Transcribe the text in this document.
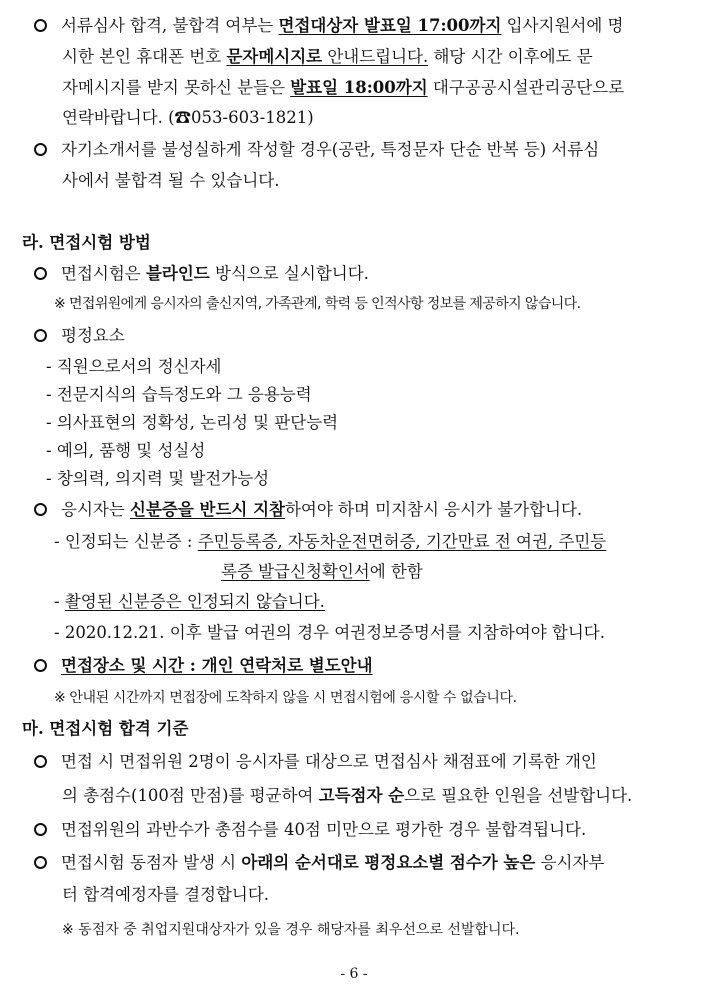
서류심사 합격, 불합격 여부는 면접대상자 발표일 17:00까지 입사지원서에 명
시한 본인 휴대폰 번호 문자메시지로 안내드립니다. 해당 시간 이후에도 문
자메시지를 받지 못하신 분들은 발표일 18:00까지 대구공공시설관리공단으로
연락바랍니다. (☎053-603-1821)
자기소개서를 불성실하게 작성할 경우(공란, 특정문자 단순 반복 등) 서류심
사에서 불합격 될 수 있습니다.
라. 면접시험 방법
면접시험은 블라인드 방식으로 실시합니다.
※ 면접위원에게 응시자의 출신지역, 가족관계, 학력 등 인적사항 정보를 제공하지 않습니다.
평정요소
- 직원으로서의 정신자세
- 전문지식의 습득정도와 그 응용능력
- 의사표현의 정확성, 논리성 및 판단능력
- 예의, 품행 및 성실성
- 창의력, 의지력 및 발전가능성
응시자는 신분증을 반드시 지참하여야 하며 미지참시 응시가 불가합니다.
- 인정되는 신분증 : 주민등록증, 자동차운전면허증, 기간만료 전 여권, 주민등
록증 발급신청확인서에 한함
- 촬영된 신분증은 인정되지 않습니다.
- 2020.12.21. 이후 발급 여권의 경우 여권정보증명서를 지참하여야 합니다.
면접장소 및 시간 : 개인 연락처로 별도안내
※ 안내된 시간까지 면접장에 도착하지 않을 시 면접시험에 응시할 수 없습니다.
마. 면접시험 합격 기준
면접 시 면접위원 2명이 응시자를 대상으로 면접심사 채점표에 기록한 개인
의 총점수(100점 만점)를 평균하여 고득점자 순으로 필요한 인원을 선발합니다.
면접위원의 과반수가 총점수를 40점 미만으로 평가한 경우 불합격됩니다.
면접시험 동점자 발생 시 아래의 순서대로 평정요소별 점수가 높은 응시자부
터 합격예정자를 결정합니다.
※ 동점자 중 취업지원대상자가 있을 경우 해당자를 최우선으로 선발합니다.
- 6 -
